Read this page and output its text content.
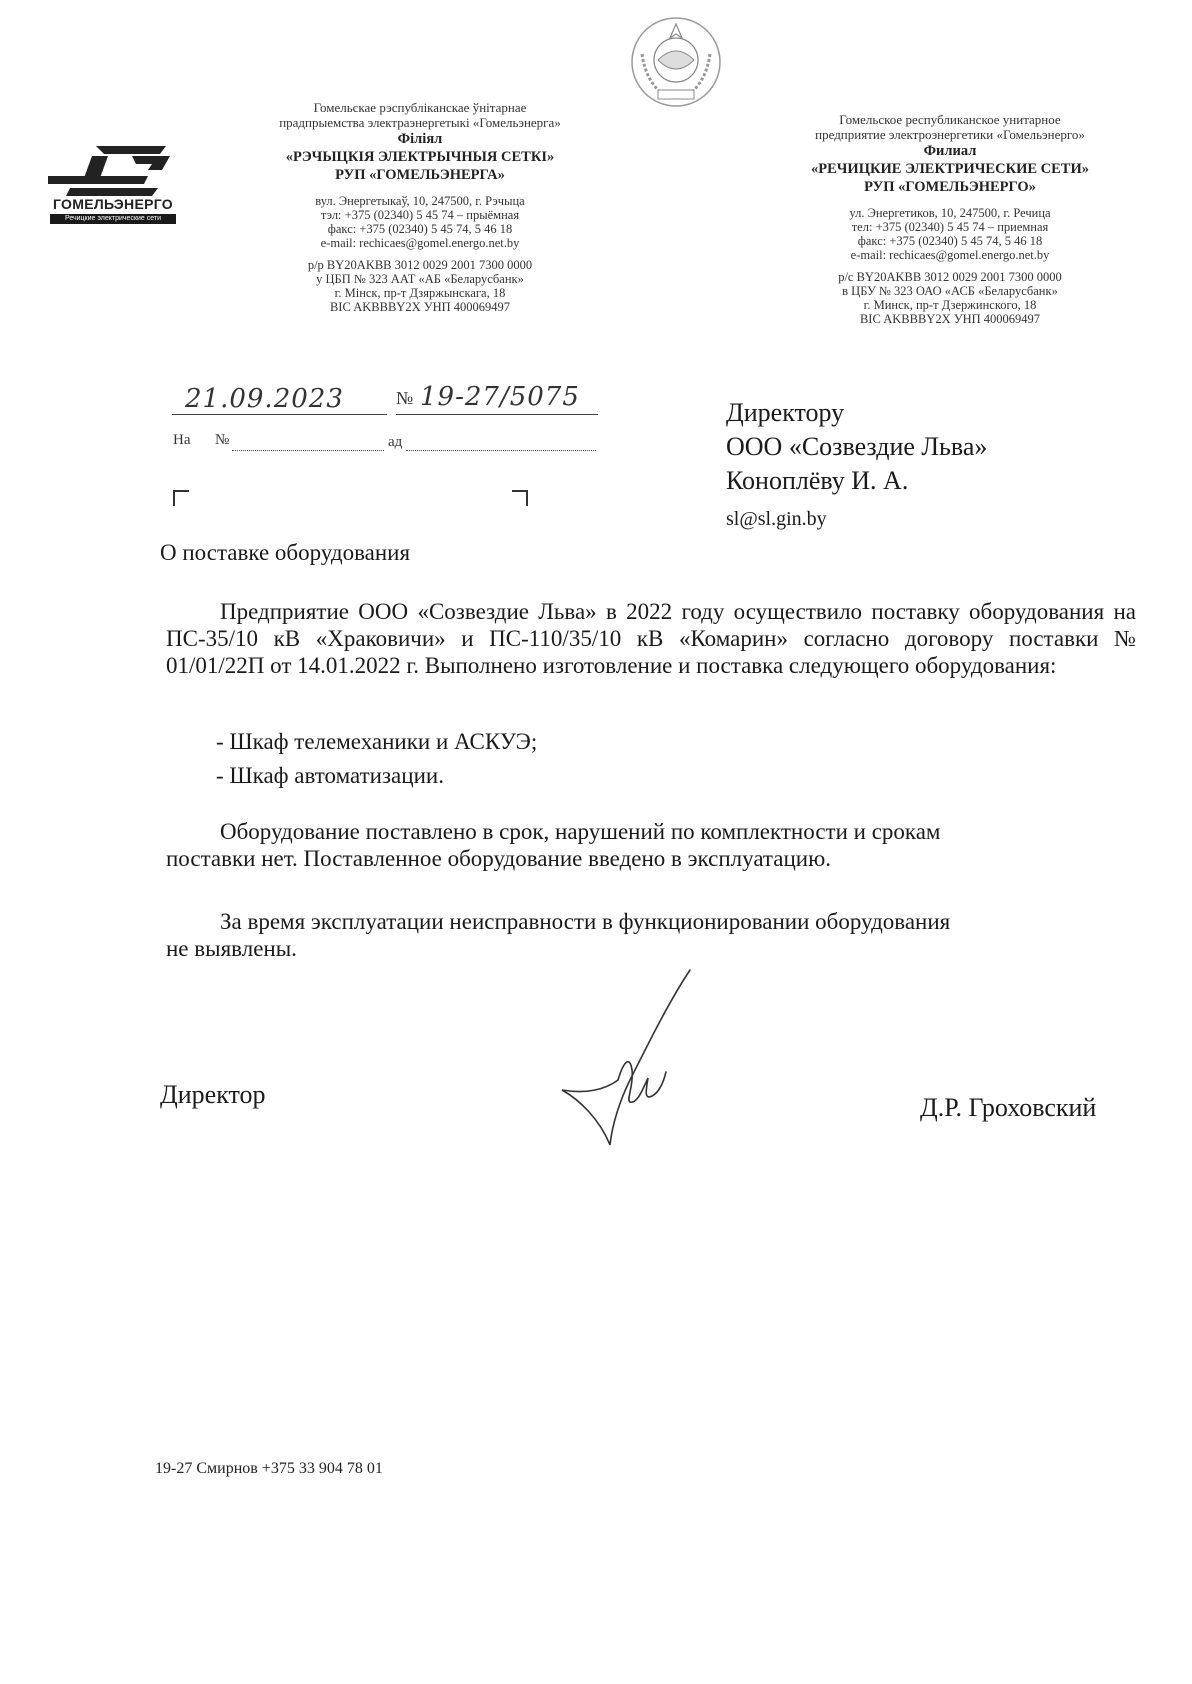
ГОМЕЛЬЭНЕРГО
Речицкие электрические сети
Гомельскае рэспубліканскае ўнітарнае
прадпрыемства электраэнергетыкі «Гомельэнерга»
Філіял
«РЭЧЫЦКІЯ ЭЛЕКТРЫЧНЫЯ СЕТКІ»
РУП «ГОМЕЛЬЭНЕРГА»
вул. Энергетыкаў, 10, 247500, г. Рэчыца
тэл: +375 (02340) 5 45 74 – прыёмная
факс: +375 (02340) 5 45 74, 5 46 18
e-mail: rechicaes@gomel.energo.net.by
р/р BY20AKBB 3012 0029 2001 7300 0000
у ЦБП № 323 ААТ «АБ «Беларусбанк»
г. Мінск, пр-т Дзяржынскага, 18
BIC AKBBBY2X УНП 400069497
Гомельское республиканское унитарное
предприятие электроэнергетики «Гомельэнерго»
Филиал
«РЕЧИЦКИЕ ЭЛЕКТРИЧЕСКИЕ СЕТИ»
РУП «ГОМЕЛЬЭНЕРГО»
ул. Энергетиков, 10, 247500, г. Речица
тел: +375 (02340) 5 45 74 – приемная
факс: +375 (02340) 5 45 74, 5 46 18
e-mail: rechicaes@gomel.energo.net.by
р/с BY20AKBB 3012 0029 2001 7300 0000
в ЦБУ № 323 ОАО «АСБ «Беларусбанк»
г. Минск, пр-т Дзержинского, 18
BIC AKBBBY2X УНП 400069497
21.09.2023	№ 19-27/5075
На №	ад
Директору
ООО «Созвездие Льва»
Коноплёву И. А.
sl@sl.gin.by
О поставке оборудования
Предприятие ООО «Созвездие Льва» в 2022 году осуществило поставку оборудования на ПС-35/10 кВ «Храковичи» и ПС-110/35/10 кВ «Комарин» согласно договору поставки № 01/01/22П от 14.01.2022 г. Выполнено изготовление и поставка следующего оборудования:
- Шкаф телемеханики и АСКУЭ;
- Шкаф автоматизации.
Оборудование поставлено в срок, нарушений по комплектности и срокам поставки нет. Поставленное оборудование введено в эксплуатацию.
За время эксплуатации неисправности в функционировании оборудования не выявлены.
Директор	Д.Р. Гроховский
19-27 Смирнов +375 33 904 78 01
